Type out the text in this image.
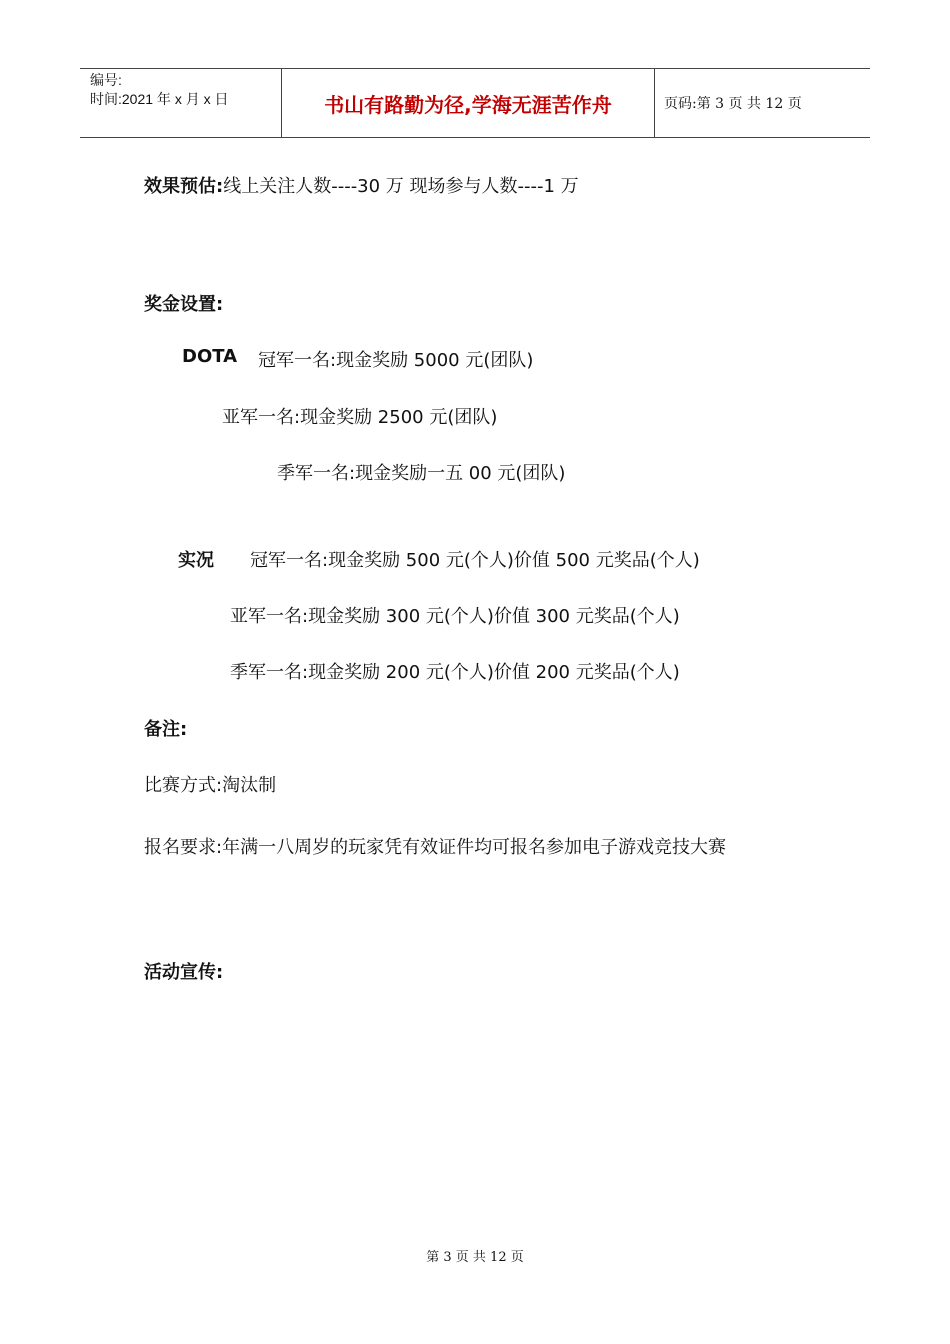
编号:
时间:2021 年 x 月 x 日	书山有路勤为径,学海无涯苦作舟	页码:第 3 页 共 12 页
效果预估:线上关注人数----30 万 现场参与人数----1 万
奖金设置:
DOTA 冠军一名:现金奖励 5000 元(团队)
亚军一名:现金奖励 2500 元(团队)
季军一名:现金奖励一五 00 元(团队)
实况 冠军一名:现金奖励 500 元(个人)价值 500 元奖品(个人)
亚军一名:现金奖励 300 元(个人)价值 300 元奖品(个人)
季军一名:现金奖励 200 元(个人)价值 200 元奖品(个人)
备注:
比赛方式:淘汰制
报名要求:年满一八周岁的玩家凭有效证件均可报名参加电子游戏竞技大赛
活动宣传:
第 3 页 共 12 页
